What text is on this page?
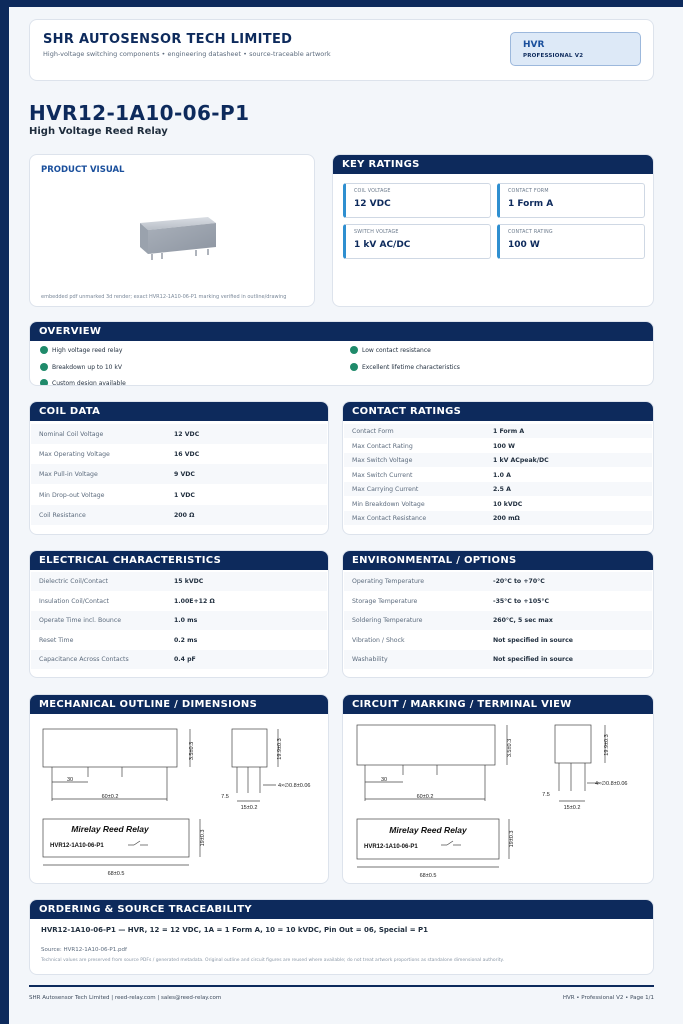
SHR AUTOSENSOR TECH LIMITED
High-voltage switching components • engineering datasheet • source-traceable artwork
HVR
PROFESSIONAL V2
HVR12-1A10-06-P1
High Voltage Reed Relay
PRODUCT VISUAL
embedded pdf unmarked 3d render; exact HVR12-1A10-06-P1 marking verified in outline/drawing
KEY RATINGS
COIL VOLTAGE
12 VDC
CONTACT FORM
1 Form A
SWITCH VOLTAGE
1 kV AC/DC
CONTACT RATING
100 W
OVERVIEW
High voltage reed relay	Low contact resistance
Breakdown up to 10 kV	Excellent lifetime characteristics
Custom design available
COIL DATA
Nominal Coil Voltage	12 VDC
Max Operating Voltage	16 VDC
Max Pull-in Voltage	9 VDC
Min Drop-out Voltage	1 VDC
Coil Resistance	200 Ω
CONTACT RATINGS
Contact Form	1 Form A
Max Contact Rating	100 W
Max Switch Voltage	1 kV ACpeak/DC
Max Switch Current	1.0 A
Max Carrying Current	2.5 A
Min Breakdown Voltage	10 kVDC
Max Contact Resistance	200 mΩ
ELECTRICAL CHARACTERISTICS
Dielectric Coil/Contact	15 kVDC
Insulation Coil/Contact	1.00E+12 Ω
Operate Time incl. Bounce	1.0 ms
Reset Time	0.2 ms
Capacitance Across Contacts	0.4 pF
ENVIRONMENTAL / OPTIONS
Operating Temperature	-20°C to +70°C
Storage Temperature	-35°C to +105°C
Soldering Temperature	260°C, 5 sec max
Vibration / Shock	Not specified in source
Washability	Not specified in source
MECHANICAL OUTLINE / DIMENSIONS
3.5±0.3
30
60±0.2
19.9±0.3
7.5
15±0.2
4×∅0.8±0.06
Mirelay Reed Relay
HVR12-1A10-06-P1	19±0.3
68±0.5
CIRCUIT / MARKING / TERMINAL VIEW
3.5±0.3
30
60±0.2
19.9±0.3
7.5
15±0.2
4×∅0.8±0.06
Mirelay Reed Relay
HVR12-1A10-06-P1	19±0.3
68±0.5
ORDERING & SOURCE TRACEABILITY
HVR12-1A10-06-P1 — HVR, 12 = 12 VDC, 1A = 1 Form A, 10 = 10 kVDC, Pin Out = 06, Special = P1
Source: HVR12-1A10-06-P1.pdf
Technical values are preserved from source PDFs / generated metadata. Original outline and circuit figures are reused where available; do not treat artwork proportions as standalone dimensional authority.
SHR Autosensor Tech Limited | reed-relay.com | sales@reed-relay.com	HVR • Professional V2 • Page 1/1
